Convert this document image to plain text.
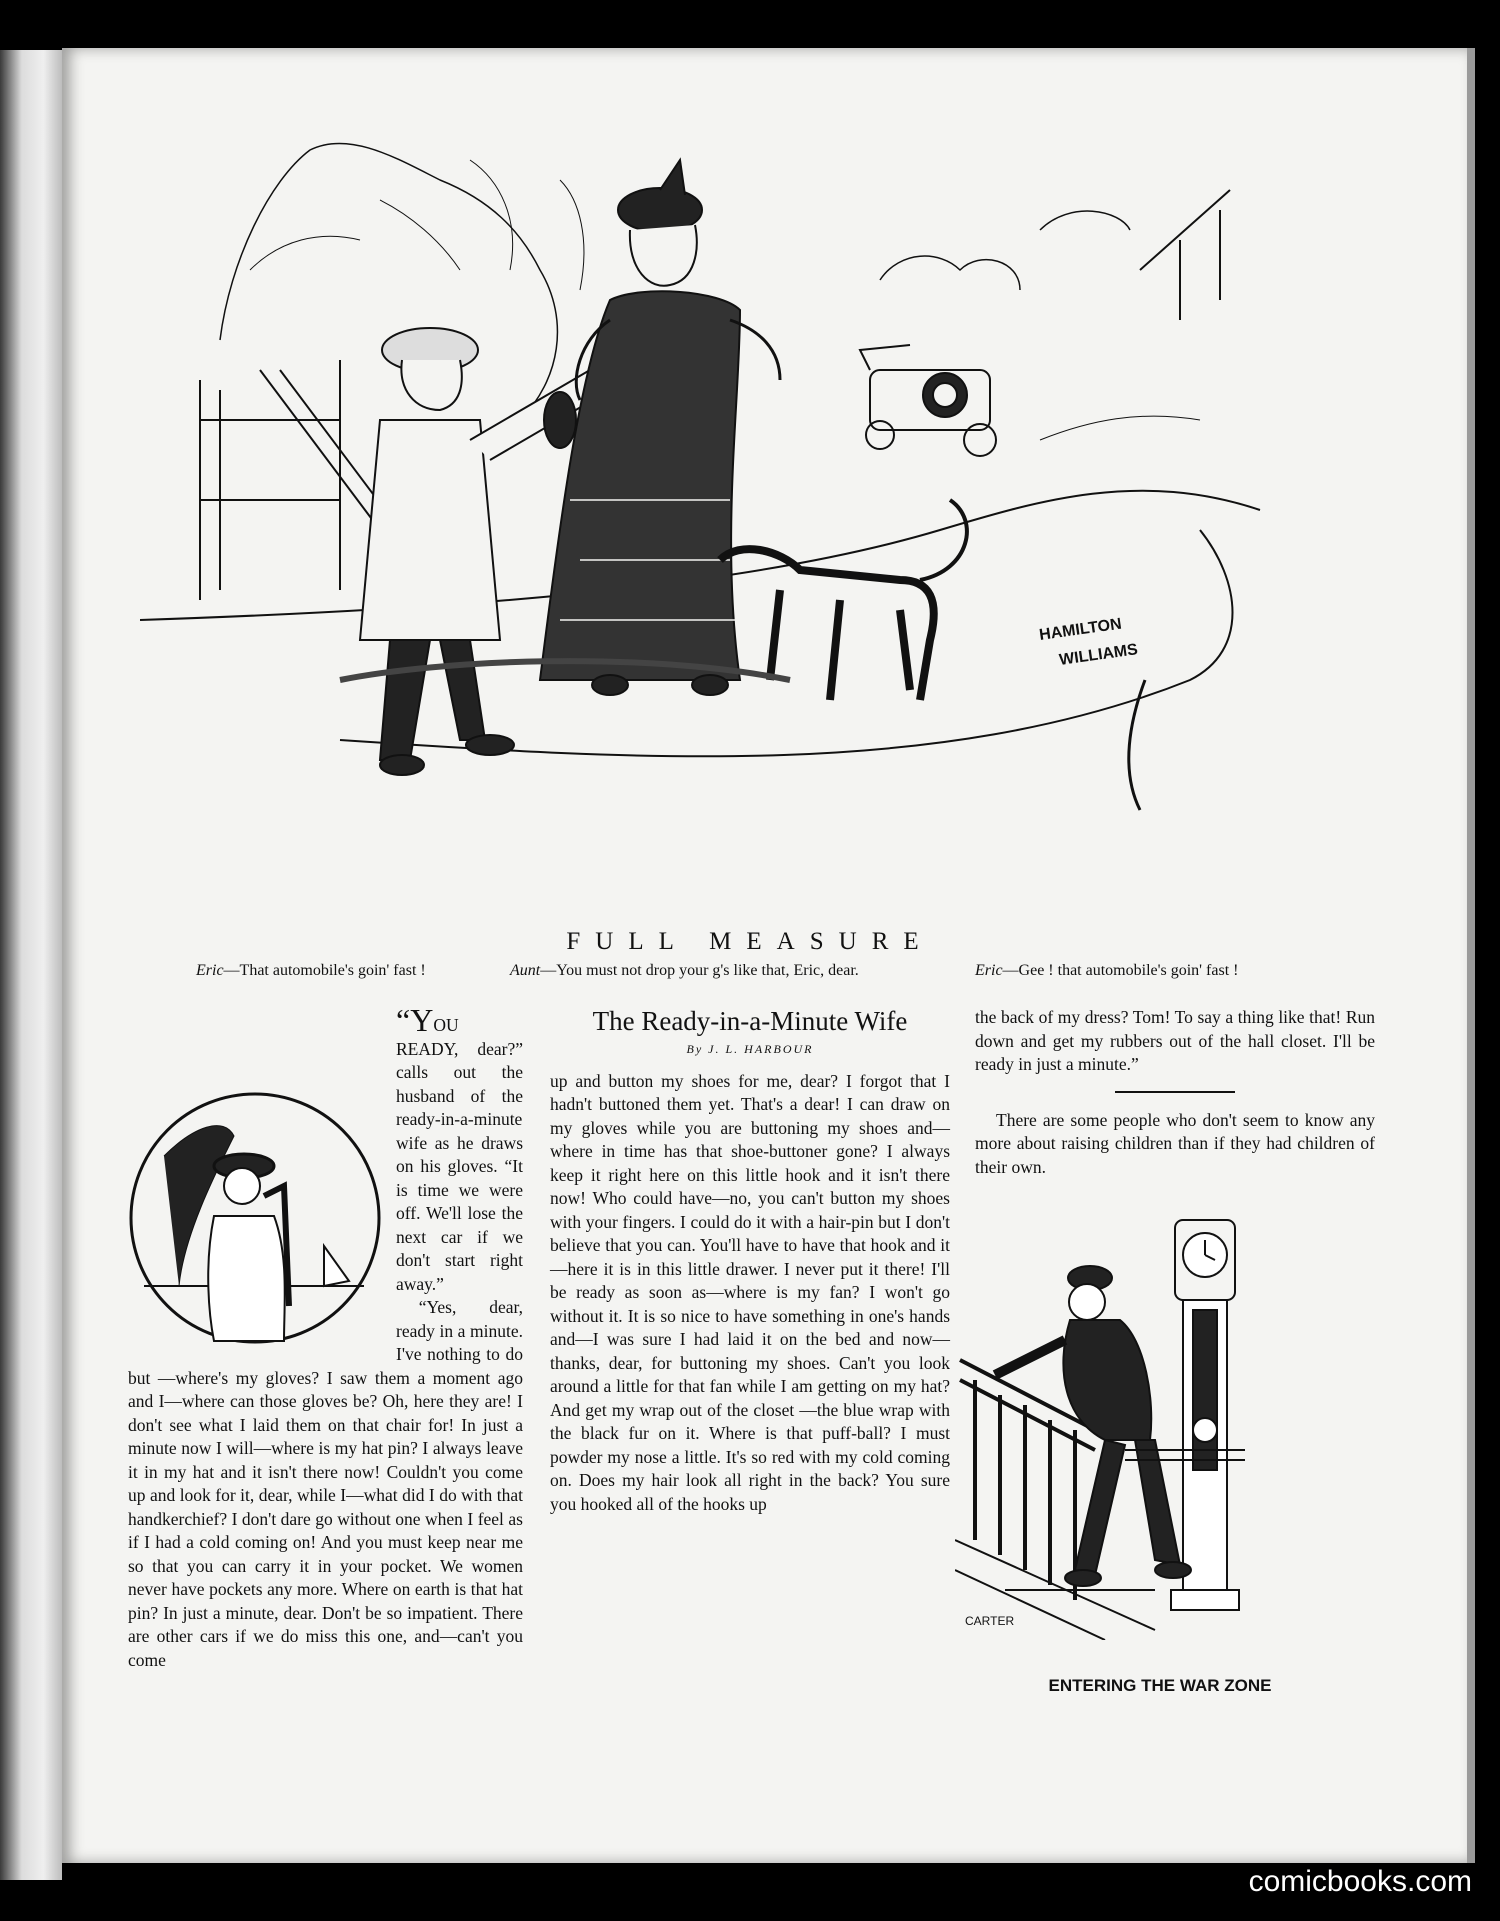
HAMILTON
WILLIAMS
FULL MEASURE
Eric—That automobile's goin' fast !	Aunt—You must not drop your g's like that, Eric, dear.	Eric—Gee ! that automobile's goin' fast !

“YOU READY, dear?” calls out the husband of the ready-in-a-minute wife as he draws on his gloves. “It is time we were off. We'll lose the next car if we don't start right away.”

“Yes, dear, ready in a minute. I've nothing to do but —where's my gloves? I saw them a moment ago and I—where can those gloves be? Oh, here they are! I don't see what I laid them on that chair for! In just a minute now I will—where is my hat pin? I always leave it in my hat and it isn't there now! Couldn't you come up and look for it, dear, while I—what did I do with that handkerchief? I don't dare go without one when I feel as if I had a cold coming on! And you must keep near me so that you can carry it in your pocket. We women never have pockets any more. Where on earth is that hat pin? In just a minute, dear. Don't be so impatient. There are other cars if we do miss this one, and—can't you come

The Ready-in-a-Minute Wife
By J. L. HARBOUR

up and button my shoes for me, dear? I forgot that I hadn't buttoned them yet. That's a dear! I can draw on my gloves while you are buttoning my shoes and—where in time has that shoe-buttoner gone? I always keep it right here on this little hook and it isn't there now! Who could have—no, you can't button my shoes with your fingers. I could do it with a hair-pin but I don't believe that you can. You'll have to have that hook and it—here it is in this little drawer. I never put it there! I'll be ready as soon as—where is my fan? I won't go without it. It is so nice to have something in one's hands and—I was sure I had laid it on the bed and now—thanks, dear, for buttoning my shoes. Can't you look around a little for that fan while I am getting on my hat? And get my wrap out of the closet —the blue wrap with the black fur on it. Where is that puff-ball? I must powder my nose a little. It's so red with my cold coming on. Does my hair look all right in the back? You sure you hooked all of the hooks up

the back of my dress? Tom! To say a thing like that! Run down and get my rubbers out of the hall closet. I'll be ready in just a minute.”

There are some people who don't seem to know any more about raising children than if they had children of their own.

CARTER
ENTERING THE WAR ZONE
comicbooks.com
